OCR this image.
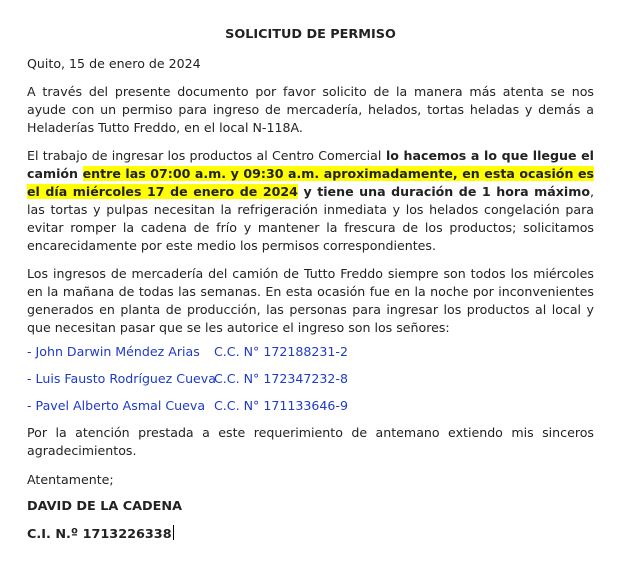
SOLICITUD DE PERMISO

Quito, 15 de enero de 2024

A través del presente documento por favor solicito de la manera más atenta se nos ayude con un permiso para ingreso de mercadería, helados, tortas heladas y demás a Heladerías Tutto Freddo, en el local N-118A.

El trabajo de ingresar los productos al Centro Comercial lo hacemos a lo que llegue el camión entre las 07:00 a.m. y 09:30 a.m. aproximadamente, en esta ocasión es el día miércoles 17 de enero de 2024 y tiene una duración de 1 hora máximo, las tortas y pulpas necesitan la refrigeración inmediata y los helados congelación para evitar romper la cadena de frío y mantener la frescura de los productos; solicitamos encarecidamente por este medio los permisos correspondientes.

Los ingresos de mercadería del camión de Tutto Freddo siempre son todos los miércoles en la mañana de todas las semanas. En esta ocasión fue en la noche por inconvenientes generados en planta de producción, las personas para ingresar los productos al local y que necesitan pasar que se les autorice el ingreso son los señores:

- John Darwin Méndez Arias C.C. N° 172188231-2
- Luis Fausto Rodríguez CuevaC.C. N° 172347232-8
- Pavel Alberto Asmal Cueva C.C. N° 171133646-9

Por la atención prestada a este requerimiento de antemano extiendo mis sinceros agradecimientos.

Atentamente;

DAVID DE LA CADENA

C.I. N.º 1713226338
